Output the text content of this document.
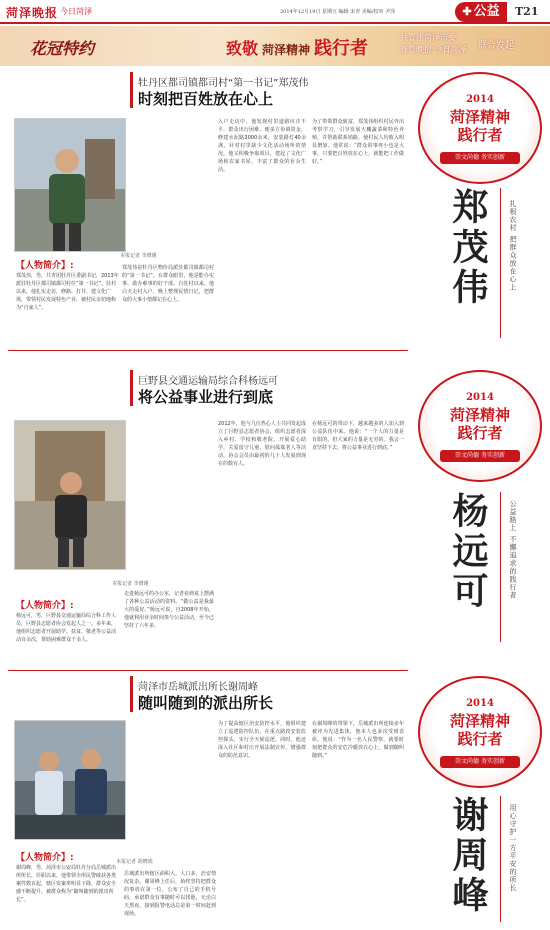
菏泽晚报 今日菏泽	2014年12月19日 星期五 编辑 宋青 美编/校审 尹泽	✚ 公益	T21
花冠特约	致敬 菏泽精神 践行者
共青团菏泽市委
齐鲁晚报·今日菏泽 联合发起
牡丹区都司镇都司村“第一书记”郑茂伟
时刻把百姓放在心上
本报记者 李增瑾
【人物简介】:
郑茂伟，男，共青团牡丹区委副书记，2013年派驻牡丹区都司镇都司村任“第一书记”。驻村以来，他扎实走访，修路、打井、建文化广场，带领村民发展特色产业，被村民亲切地称为“自家人”。
郑茂伟是牡丹区物价局派驻都司镇都司村的“第一书记”。在群众眼里，他是能办实事、敢办难事的好干部。自驻村以来，他白天走村入户，晚上整理民情日记，把群众的大事小情都记在心上。
入户走访中，他发现村里道路坑洼不平，群众出行困难，便多方协调资金，修建水泥路3000余米，安装路灯40余盏。针对村里缺少文化活动场所的情况，他又积极争取项目，建起了文化广场和农家书屋，丰富了群众的业余生活。
为了带领群众致富，郑茂伟组织村民外出考察学习，引导发展大棚蔬菜和特色养殖，并帮助联系销路，使村民人均收入明显增加。他常说：“群众的事再小也是大事，只要把百姓放在心上，就能把工作做好。”
巨野县交通运输局综合科杨远可
将公益事业进行到底
本报记者 李增瑾
【人物简介】:
杨远可，男，巨野县交通运输局综合科工作人员，巨野县志愿者协会发起人之一。多年来，他组织志愿者开展助学、扶贫、敬老等公益活动百余次，帮助困难群众千余人。
走进杨远可的办公室，记者看到桌上摆满了各种公益活动的资料。“做公益是我最大的爱好。”杨远可说，自2008年开始，他就利用业余时间参与公益活动，至今已坚持了六年多。
2012年，他与几位热心人士共同发起成立了巨野县志愿者协会，组织志愿者深入乡村、学校和敬老院，开展爱心助学、关爱留守儿童、慰问孤寡老人等活动，协会会员由最初的几十人发展到现在的数百人。
在杨远可的带动下，越来越多的人加入到公益队伍中来。他说：“一个人的力量是有限的，但大家的力量是无穷的。我会一直坚持下去，将公益事业进行到底。”
菏泽市岳城派出所长谢周峰
随叫随到的派出所长
本报记者 胡晓娟
【人物简介】:
谢周峰，男，菏泽市公安局牡丹分局岳城派出所所长。任职以来，他带领全所民警破获各类案件数百起，辖区发案率明显下降，群众安全感不断提升，被群众称为“随叫随到的派出所长”。
岳城派出所辖区面积大、人口多，治安情况复杂。谢周峰上任后，始终坚持把群众的事放在第一位，公布了自己的手机号码，承诺群众有事随时可以找他，无论白天黑夜，接到报警电话总是第一时间赶到现场。
为了提高辖区治安防控水平，他组织建立了巡逻防控队伍，在重点路段安装监控探头，实行全天候巡逻。同时，他还深入社区和村庄开展法制宣传，增强群众的防范意识。
在谢周峰的带领下，岳城派出所连续多年被评为先进集体，他本人也多次受到表彰。他说：“作为一名人民警察，就要时刻把群众的安危冷暖放在心上，做到随叫随到。”
2014
菏泽精神
践行者
崇文尚德 务实创新
郑茂伟	扎根农村 把群众放在心上
2014
菏泽精神
践行者
崇文尚德 务实创新
杨远可	公益路上 不懈追求的践行者
2014
菏泽精神
践行者
崇文尚德 务实创新
谢周峰	用心守护一方平安的所长
